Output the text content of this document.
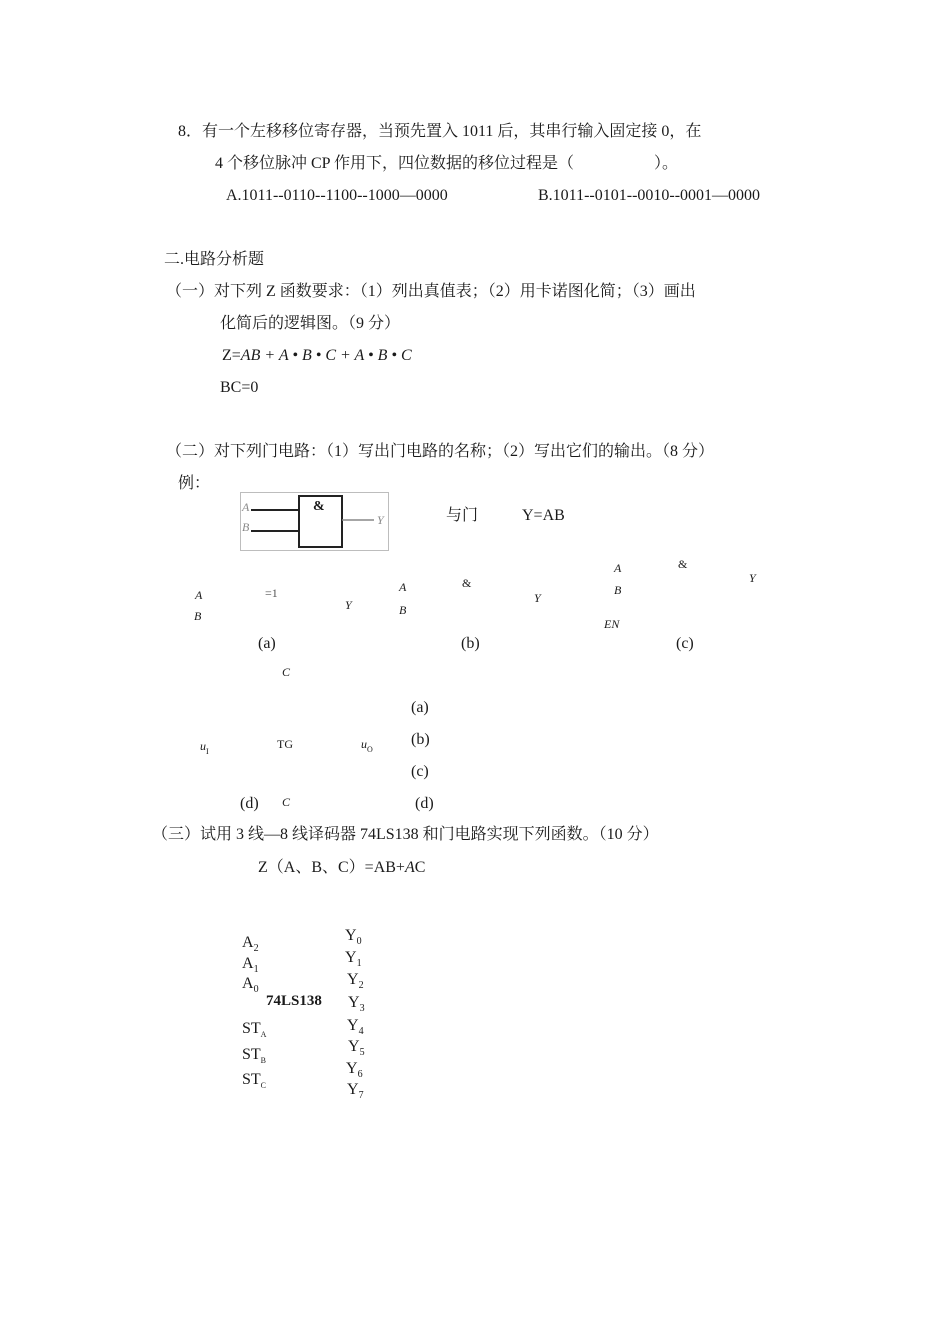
8．有一个左移移位寄存器，当预先置入 1011 后，其串行输入固定接 0，在
4 个移位脉冲 CP 作用下，四位数据的移位过程是（　　　　　）。
A.1011--0110--1100--1000—0000	B.1011--0101--0010--0001—0000
二.电路分析题
（一）对下列 Z 函数要求：（1）列出真值表；（2）用卡诺图化简；（3）画出
化简后的逻辑图。（9 分）
Z=AB + A • B • C + A • B • C
BC=0
（二）对下列门电路：（1）写出门电路的名称；（2）写出它们的输出。（8 分）
例：
A
B
&
Y	与门	Y=AB
A
B
=1
Y
(a)
A
B
&
Y
(b)
A
B
&
Y
EN
(c)
C
$u_I$
TG	$u_O$
C
(d)
(a)
(b)
(c)
(d)
（三）试用 3 线—8 线译码器 74LS138 和门电路实现下列函数。（10 分）
Z（A、B、C）=AB+AC
$A_2$
$A_1$
$A_0$
74LS138
$ST_A$
$ST_B$
$ST_C$
$Y_0$
$Y_1$
$Y_2$
$Y_3$
$Y_4$
$Y_5$
$Y_6$
$Y_7$
